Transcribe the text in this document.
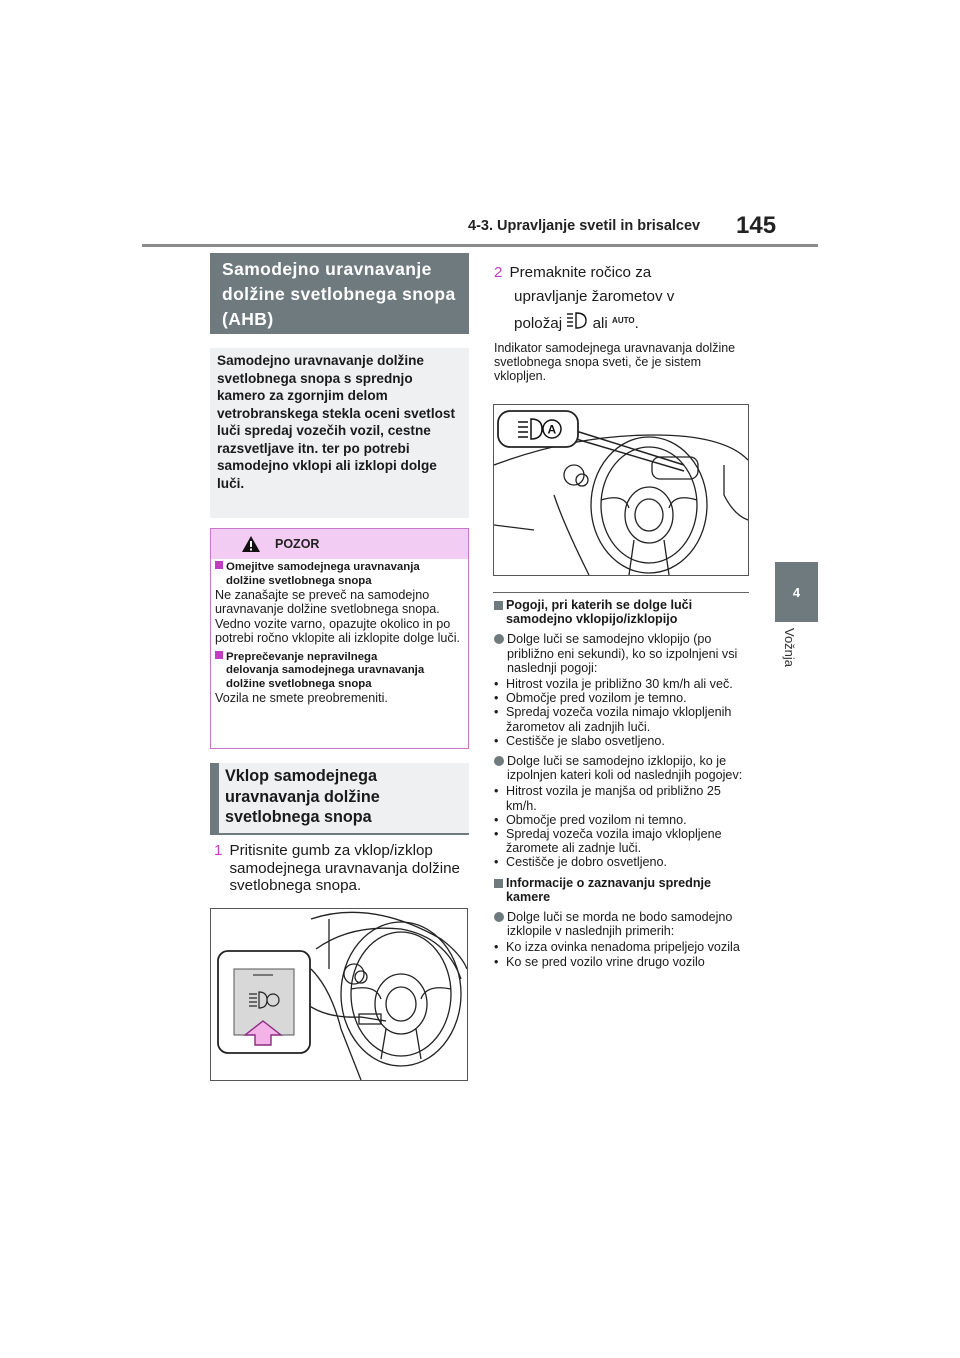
4-3. Upravljanje svetil in brisalcev 145
4
Vožnja
Samodejno uravnavanje dolžine svetlobnega snopa (AHB)
Samodejno uravnavanje dolžine svetlobnega snopa s sprednjo kamero za zgornjim delom vetrobranskega stekla oceni svetlost luči spredaj vozečih vozil, cestne razsvetljave itn. ter po potrebi samodejno vklopi ali izklopi dolge luči.
POZOR
Omejitve samodejnega uravnavanja
dolžine svetlobnega snopa
Ne zanašajte se preveč na samodejno uravnavanje dolžine svetlobnega snopa. Vedno vozite varno, opazujte okolico in po potrebi ročno vklopite ali izklopite dolge luči.
Preprečevanje nepravilnega
delovanja samodejnega uravnavanja
dolžine svetlobnega snopa
Vozila ne smete preobremeniti.
Vklop samodejnega uravnavanja dolžine svetlobnega snopa
1 Pritisnite gumb za vklop/izklop samodejnega uravnavanja dolžine svetlobnega snopa.
2 Premaknite ročico za
upravljanje žarometov v
položaj ali $^{AUTO}$.
Indikator samodejnega uravnavanja dolžine svetlobnega snopa sveti, če je sistem vklopljen.
A
Pogoji, pri katerih se dolge luči samodejno vklopijo/izklopijo
Dolge luči se samodejno vklopijo (po približno eni sekundi), ko so izpolnjeni vsi naslednji pogoji:
• Hitrost vozila je približno 30 km/h ali več.
• Območje pred vozilom je temno.
• Spredaj vozeča vozila nimajo vklopljenih žarometov ali zadnjih luči.
• Cestišče je slabo osvetljeno.
Dolge luči se samodejno izklopijo, ko je izpolnjen kateri koli od naslednjih pogojev:
• Hitrost vozila je manjša od približno 25 km/h.
• Območje pred vozilom ni temno.
• Spredaj vozeča vozila imajo vklopljene žaromete ali zadnje luči.
• Cestišče je dobro osvetljeno.
Informacije o zaznavanju sprednje kamere
Dolge luči se morda ne bodo samodejno izklopile v naslednjih primerih:
• Ko izza ovinka nenadoma pripeljejo vozila
• Ko se pred vozilo vrine drugo vozilo
